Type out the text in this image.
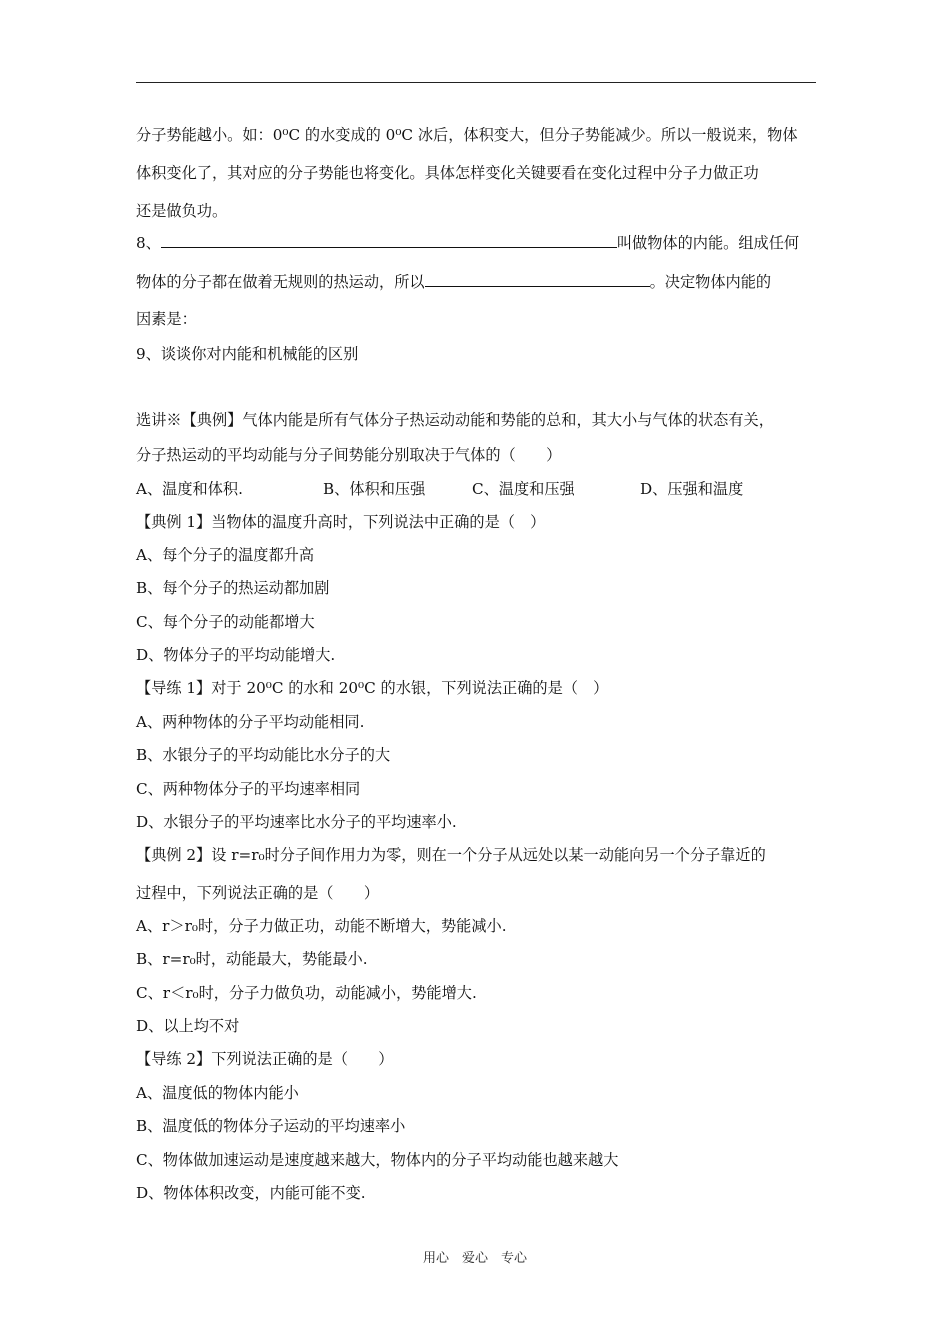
分子势能越小。如：0⁰C 的水变成的 0⁰C 冰后，体积变大，但分子势能减少。所以一般说来，物体
体积变化了，其对应的分子势能也将变化。具体怎样变化关键要看在变化过程中分子力做正功
还是做负功。
8、	叫做物体的内能。组成任何
物体的分子都在做着无规则的热运动，所以	。决定物体内能的
因素是：
9、谈谈你对内能和机械能的区别
选讲※【典例】气体内能是所有气体分子热运动动能和势能的总和，其大小与气体的状态有关，
分子热运动的平均动能与分子间势能分别取决于气体的（　　）
A、温度和体积.	B、体积和压强	C、温度和压强	D、压强和温度
【典例 1】当物体的温度升高时，下列说法中正确的是（　）
A、每个分子的温度都升高
B、每个分子的热运动都加剧
C、每个分子的动能都增大
D、物体分子的平均动能增大.
【导练 1】对于 20⁰C 的水和 20⁰C 的水银，下列说法正确的是（　）
A、两种物体的分子平均动能相同.
B、水银分子的平均动能比水分子的大
C、两种物体分子的平均速率相同
D、水银分子的平均速率比水分子的平均速率小.
【典例 2】设 r=r₀时分子间作用力为零，则在一个分子从远处以某一动能向另一个分子靠近的
过程中，下列说法正确的是（　　）
A、r＞r₀时，分子力做正功，动能不断增大，势能减小.
B、r=r₀时，动能最大，势能最小.
C、r＜r₀时，分子力做负功，动能减小，势能增大.
D、以上均不对
【导练 2】下列说法正确的是（　　）
A、温度低的物体内能小
B、温度低的物体分子运动的平均速率小
C、物体做加速运动是速度越来越大，物体内的分子平均动能也越来越大
D、物体体积改变，内能可能不变.
用心　爱心　专心
